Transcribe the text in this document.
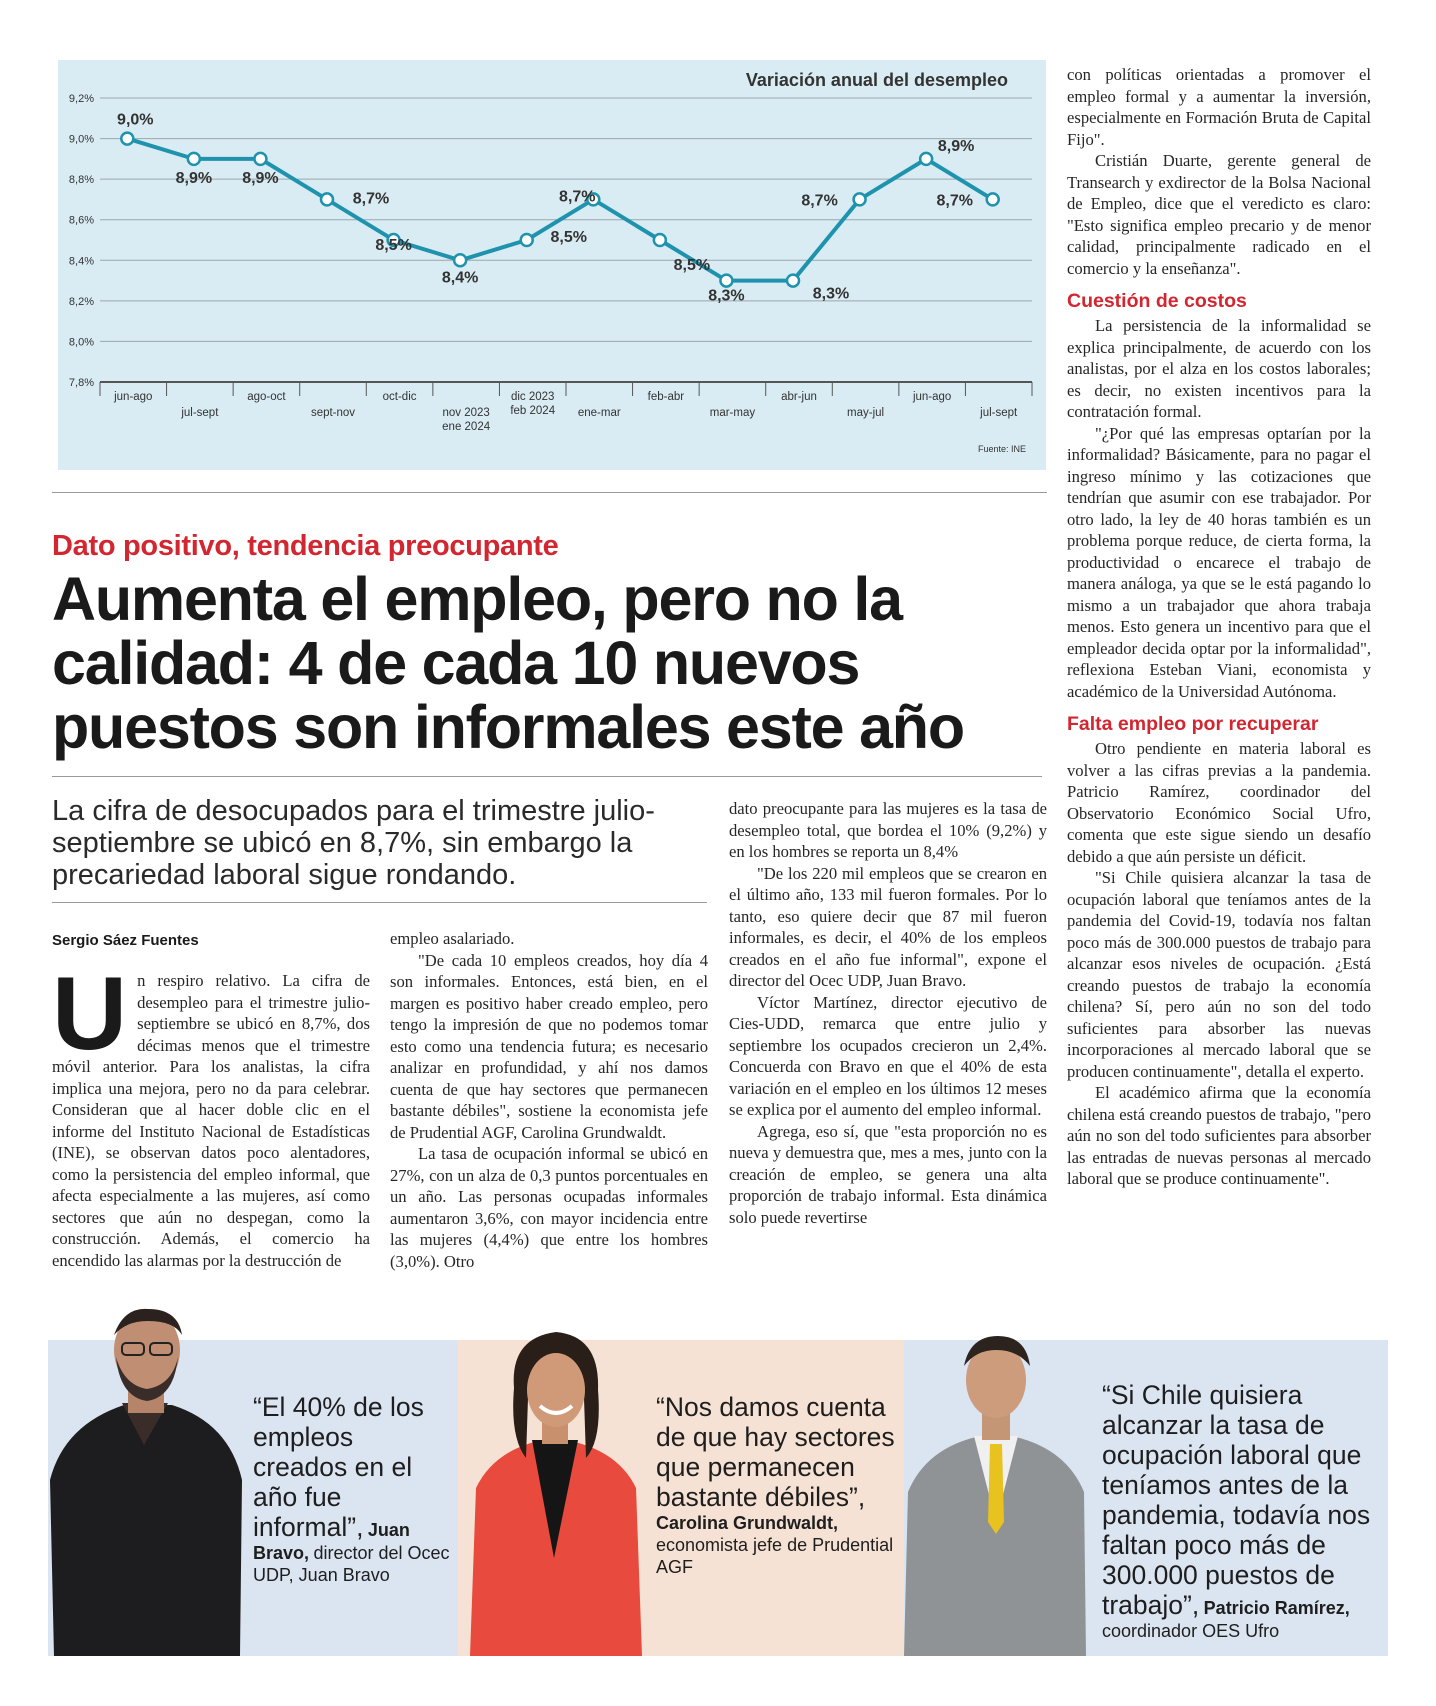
Variación anual del desempleo
7,8%
8,0%
8,2%
8,4%
8,6%
8,8%
9,0%
9,2%
jun-ago
jul-sept
ago-oct
sept-nov
oct-dic
nov 2023
ene 2024
dic 2023
feb 2024 ene-mar
feb-abr
mar-may
abr-jun
may-jul
jun-ago
jul-sept
9,0%
8,9% 8,9%
8,7%
8,5%
8,4%
8,5%
8,7%
8,5%
8,3%	8,3%
8,7%
8,9%
8,7%
Fuente: INE
Dato positivo, tendencia preocupante
Aumenta el empleo, pero no la calidad: 4 de cada 10 nuevos puestos son informales este año
La cifra de desocupados para el trimestre julio-septiembre se ubicó en 8,7%, sin embargo la precariedad laboral sigue rondando.
Sergio Sáez Fuentes
U n respiro relativo. La cifra de desempleo para el trimestre julio-septiembre se ubicó en 8,7%, dos décimas menos que el trimestre móvil anterior. Para los analistas, la cifra implica una mejora, pero no da para celebrar. Consideran que al hacer doble clic en el informe del Instituto Nacional de Estadísticas (INE), se observan datos poco alentadores, como la persistencia del empleo informal, que afecta especialmente a las mujeres, así como sectores que aún no despegan, como la construcción. Además, el comercio ha encendido las alarmas por la destrucción de

empleo asalariado.

"De cada 10 empleos creados, hoy día 4 son informales. Entonces, está bien, en el margen es positivo haber creado empleo, pero tengo la impresión de que no podemos tomar esto como una tendencia futura; es necesario analizar en profundidad, y ahí nos damos cuenta de que hay sectores que permanecen bastante débiles", sostiene la economista jefe de Prudential AGF, Carolina Grundwaldt.

La tasa de ocupación informal se ubicó en 27%, con un alza de 0,3 puntos porcentuales en un año. Las personas ocupadas informales aumentaron 3,6%, con mayor incidencia entre las mujeres (4,4%) que entre los hombres (3,0%). Otro

dato preocupante para las mujeres es la tasa de desempleo total, que bordea el 10% (9,2%) y en los hombres se reporta un 8,4%

"De los 220 mil empleos que se crearon en el último año, 133 mil fueron formales. Por lo tanto, eso quiere decir que 87 mil fueron informales, es decir, el 40% de los empleos creados en el año fue informal", expone el director del Ocec UDP, Juan Bravo.

Víctor Martínez, director ejecutivo de Cies-UDD, remarca que entre julio y septiembre los ocupados crecieron un 2,4%. Concuerda con Bravo en que el 40% de esta variación en el empleo en los últimos 12 meses se explica por el aumento del empleo informal.

Agrega, eso sí, que "esta proporción no es nueva y demuestra que, mes a mes, junto con la creación de empleo, se genera una alta proporción de trabajo informal. Esta dinámica solo puede revertirse

con políticas orientadas a promover el empleo formal y a aumentar la inversión, especialmente en Formación Bruta de Capital Fijo".

Cristián Duarte, gerente general de Transearch y exdirector de la Bolsa Nacional de Empleo, dice que el veredicto es claro: "Esto significa empleo precario y de menor calidad, principalmente radicado en el comercio y la enseñanza".

Cuestión de costos

La persistencia de la informalidad se explica principalmente, de acuerdo con los analistas, por el alza en los costos laborales; es decir, no existen incentivos para la contratación formal.

"¿Por qué las empresas optarían por la informalidad? Básicamente, para no pagar el ingreso mínimo y las cotizaciones que tendrían que asumir con ese trabajador. Por otro lado, la ley de 40 horas también es un problema porque reduce, de cierta forma, la productividad o encarece el trabajo de manera análoga, ya que se le está pagando lo mismo a un trabajador que ahora trabaja menos. Esto genera un incentivo para que el empleador decida optar por la informalidad", reflexiona Esteban Viani, economista y académico de la Universidad Autónoma.

Falta empleo por recuperar

Otro pendiente en materia laboral es volver a las cifras previas a la pandemia. Patricio Ramírez, coordinador del Observatorio Económico Social Ufro, comenta que este sigue siendo un desafío debido a que aún persiste un déficit.

"Si Chile quisiera alcanzar la tasa de ocupación laboral que teníamos antes de la pandemia del Covid-19, todavía nos faltan poco más de 300.000 puestos de trabajo para alcanzar esos niveles de ocupación. ¿Está creando puestos de trabajo la economía chilena? Sí, pero aún no son del todo suficientes para absorber las nuevas incorporaciones al mercado laboral que se producen continuamente", detalla el experto.

El académico afirma que la economía chilena está creando puestos de trabajo, "pero aún no son del todo suficientes para absorber las entradas de nuevas personas al mercado laboral que se produce continuamente".

“El 40% de los empleos creados en el año fue informal”, Juan Bravo, director del Ocec UDP, Juan Bravo
“Nos damos cuenta de que hay sectores que permanecen bastante débiles”, Carolina Grundwaldt, economista jefe de Prudential AGF
“Si Chile quisiera alcanzar la tasa de ocupación laboral que teníamos antes de la pandemia, todavía nos faltan poco más de 300.000 puestos de trabajo”, Patricio Ramírez, coordinador OES Ufro
